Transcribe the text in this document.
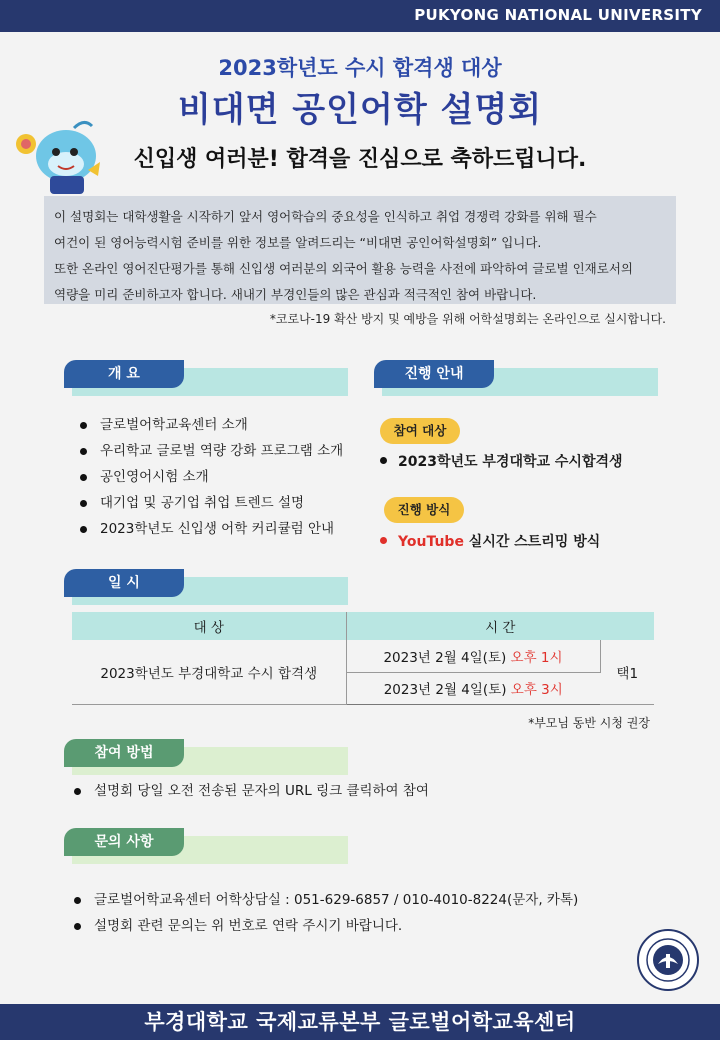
PUKYONG NATIONAL UNIVERSITY
2023학년도 수시 합격생 대상
비대면 공인어학 설명회
신입생 여러분! 합격을 진심으로 축하드립니다.

이 설명회는 대학생활을 시작하기 앞서 영어학습의 중요성을 인식하고 취업 경쟁력 강화를 위해 필수

여건이 된 영어능력시험 준비를 위한 정보를 알려드리는 “비대면 공인어학설명회” 입니다.

또한 온라인 영어진단평가를 통해 신입생 여러분의 외국어 활용 능력을 사전에 파악하여 글로벌 인재로서의

역량을 미리 준비하고자 합니다. 새내기 부경인들의 많은 관심과 적극적인 참여 바랍니다.

*코로나-19 확산 방지 및 예방을 위해 어학설명회는 온라인으로 실시합니다.
개 요
글로벌어학교육센터 소개
우리학교 글로벌 역량 강화 프로그램 소개
공인영어시험 소개
대기업 및 공기업 취업 트렌드 설명
2023학년도 신입생 어학 커리큘럼 안내
진행 안내
참여 대상
2023학년도 부경대학교 수시합격생
진행 방식
YouTube 실시간 스트리밍 방식
일 시
대 상	시 간	
2023학년도 부경대학교 수시 합격생	2023년 2월 4일(토) 오후 1시	택1
	2023년 2월 4일(토) 오후 3시	
*부모님 동반 시청 권장
참여 방법
설명회 당일 오전 전송된 문자의 URL 링크 클릭하여 참여
문의 사항
글로벌어학교육센터 어학상담실 : 051-629-6857 / 010-4010-8224(문자, 카톡)
설명회 관련 문의는 위 번호로 연락 주시기 바랍니다.
부경대학교 국제교류본부 글로벌어학교육센터
